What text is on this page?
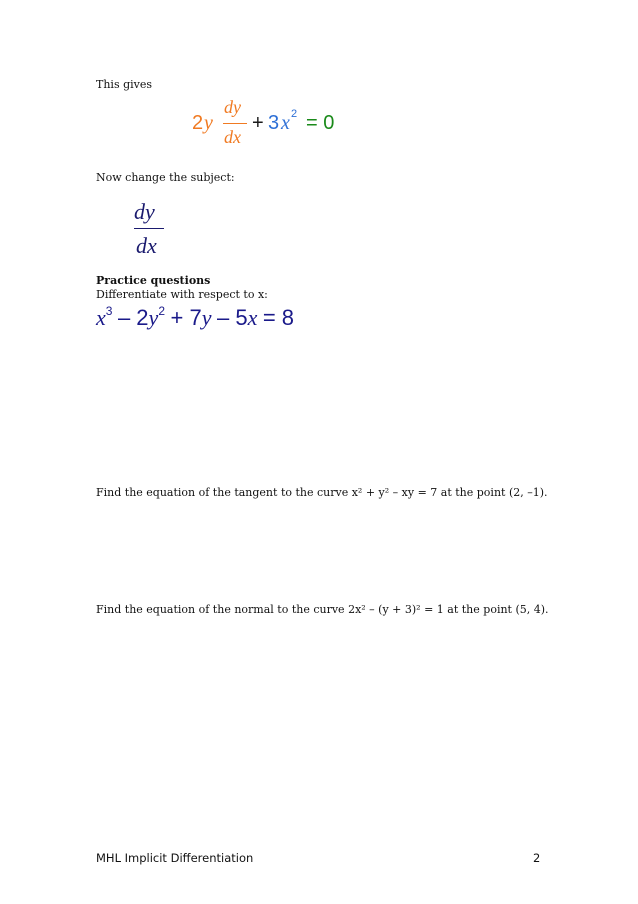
This gives
2 y
dy
dx
+ 3 x 2 = 0
Now change the subject:
dy
dx
Practice questions
Differentiate with respect to x:
$x^3 - 2y^2 + 7y - 5x = 8$
Find the equation of the tangent to the curve x² + y² – xy = 7 at the point (2, –1).
Find the equation of the normal to the curve 2x² – (y + 3)² = 1 at the point (5, 4).
MHL Implicit Differentiation	2
